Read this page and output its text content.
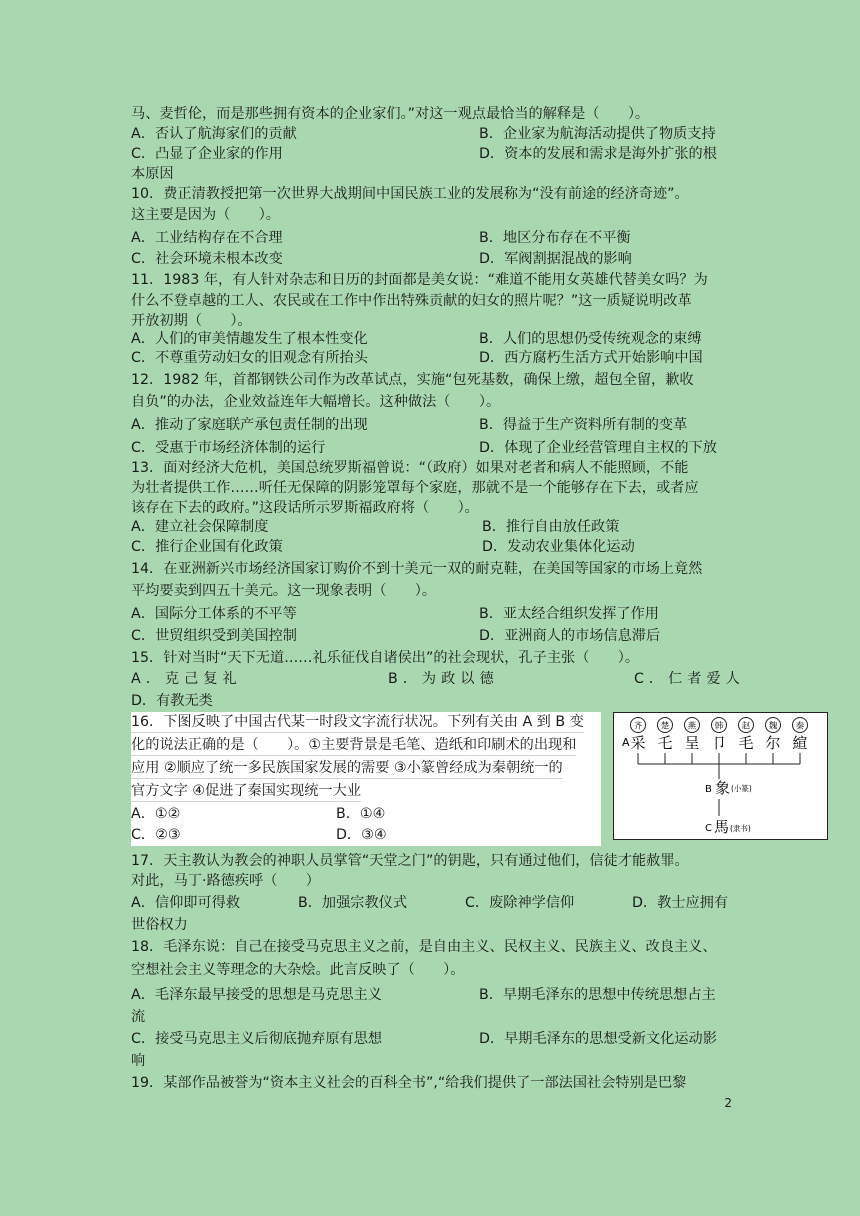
马、麦哲伦，而是那些拥有资本的企业家们。”对这一观点最恰当的解释是（　　）。
A．否认了航海家们的贡献	B．企业家为航海活动提供了物质支持
C．凸显了企业家的作用	D．资本的发展和需求是海外扩张的根
本原因
10．费正清教授把第一次世界大战期间中国民族工业的发展称为“没有前途的经济奇迹”。
这主要是因为（　　）。
A．工业结构存在不合理	B．地区分布存在不平衡
C．社会环境未根本改变	D．军阀割据混战的影响
11．1983 年，有人针对杂志和日历的封面都是美女说：“难道不能用女英雄代替美女吗？为
什么不登卓越的工人、农民或在工作中作出特殊贡献的妇女的照片呢？”这一质疑说明改革
开放初期（　　）。
A．人们的审美情趣发生了根本性变化	B．人们的思想仍受传统观念的束缚
C．不尊重劳动妇女的旧观念有所抬头	D．西方腐朽生活方式开始影响中国
12．1982 年，首都钢铁公司作为改革试点，实施“包死基数，确保上缴，超包全留，歉收
自负”的办法，企业效益连年大幅增长。这种做法（　　）。
A．推动了家庭联产承包责任制的出现	B．得益于生产资料所有制的变革
C．受惠于市场经济体制的运行	D．体现了企业经营管理自主权的下放
13．面对经济大危机，美国总统罗斯福曾说：“（政府）如果对老者和病人不能照顾，不能
为壮者提供工作……听任无保障的阴影笼罩每个家庭，那就不是一个能够存在下去，或者应
该存在下去的政府。”这段话所示罗斯福政府将（　　）。
A．建立社会保障制度	B．推行自由放任政策
C．推行企业国有化政策	D．发动农业集体化运动
14．在亚洲新兴市场经济国家订购价不到十美元一双的耐克鞋，在美国等国家的市场上竟然
平均要卖到四五十美元。这一现象表明（　　）。
A．国际分工体系的不平等	B．亚太经合组织发挥了作用
C．世贸组织受到美国控制	D．亚洲商人的市场信息滞后
15．针对当时“天下无道……礼乐征伐自诸侯出”的社会现状，孔子主张（　　）。
A．克己复礼	B．为政以德	C．仁者爱人
D．有教无类
16．下图反映了中国古代某一时段文字流行状况。下列有关由 A 到 B 变
化的说法正确的是（　　）。①主要背景是毛笔、造纸和印刷术的出现和
应用 ②顺应了统一多民族国家发展的需要 ③小篆曾经成为秦朝统一的
官方文字 ④促进了秦国实现统一大业
A．①②	B．①④
C．②③	D．③④
齐 楚 燕 韩 赵 魏 秦
采 乇 呈 卩 毛 尔 縇
A
B 象 (小篆)
C 馬 (隶书)
17．天主教认为教会的神职人员掌管“天堂之门”的钥匙，只有通过他们，信徒才能赦罪。
对此，马丁·路德疾呼（　　）
A．信仰即可得救	B．加强宗教仪式	C．废除神学信仰	D．教士应拥有
世俗权力
18．毛泽东说：自己在接受马克思主义之前，是自由主义、民权主义、民族主义、改良主义、
空想社会主义等理念的大杂烩。此言反映了（　　）。
A．毛泽东最早接受的思想是马克思主义	B．早期毛泽东的思想中传统思想占主
流
C．接受马克思主义后彻底抛弃原有思想	D．早期毛泽东的思想受新文化运动影
响
19．某部作品被誉为“资本主义社会的百科全书”,“给我们提供了一部法国社会特别是巴黎
2
